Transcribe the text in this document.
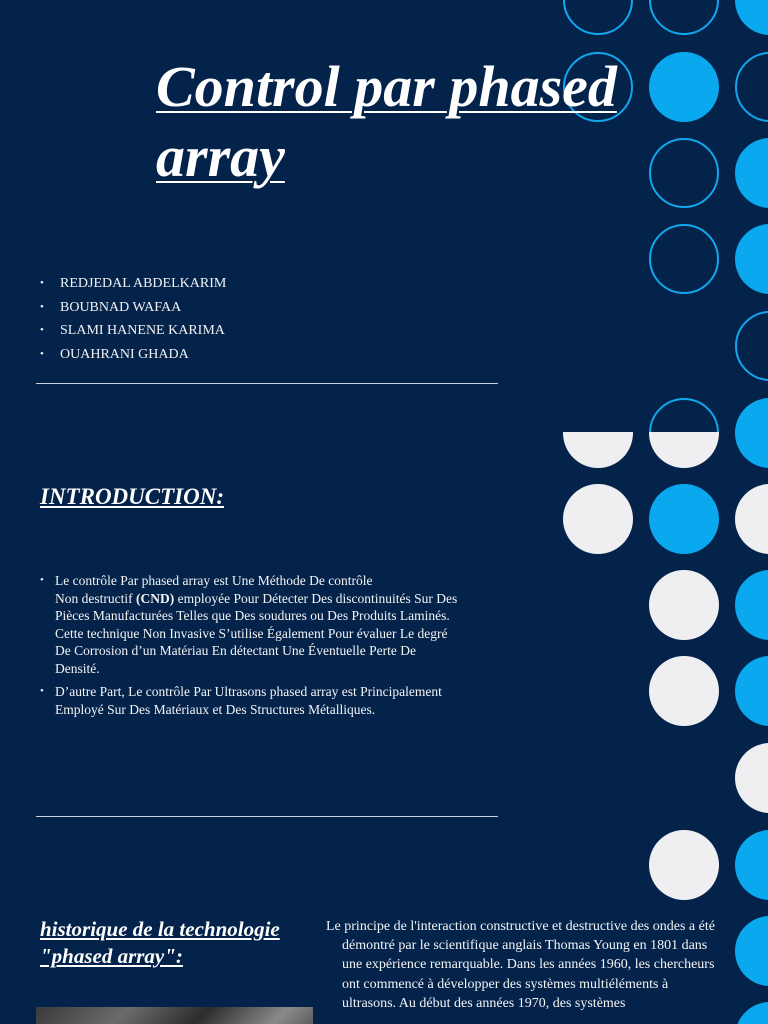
Control par phased array
• REDJEDAL ABDELKARIM
• BOUBNAD WAFAA
• SLAMI HANENE KARIMA
• OUAHRANI GHADA
INTRODUCTION:
• Le contrôle Par phased array est Une Méthode De contrôle
Non destructif (CND) employée Pour Détecter Des discontinuités Sur Des
Pièces Manufacturées Telles que Des soudures ou Des Produits Laminés.
Cette technique Non Invasive S’utilise Également Pour évaluer Le degré
De Corrosion d’un Matériau En détectant Une Éventuelle Perte De
Densité.
• D’autre Part, Le contrôle Par Ultrasons phased array est Principalement
Employé Sur Des Matériaux et Des Structures Métalliques.
historique de la technologie "phased array":

Le principe de l'interaction constructive et destructive des ondes a été démontré par le scientifique anglais Thomas Young en 1801 dans une expérience remarquable. Dans les années 1960, les chercheurs ont commencé à développer des systèmes multiéléments à ultrasons. Au début des années 1970, des systèmes
